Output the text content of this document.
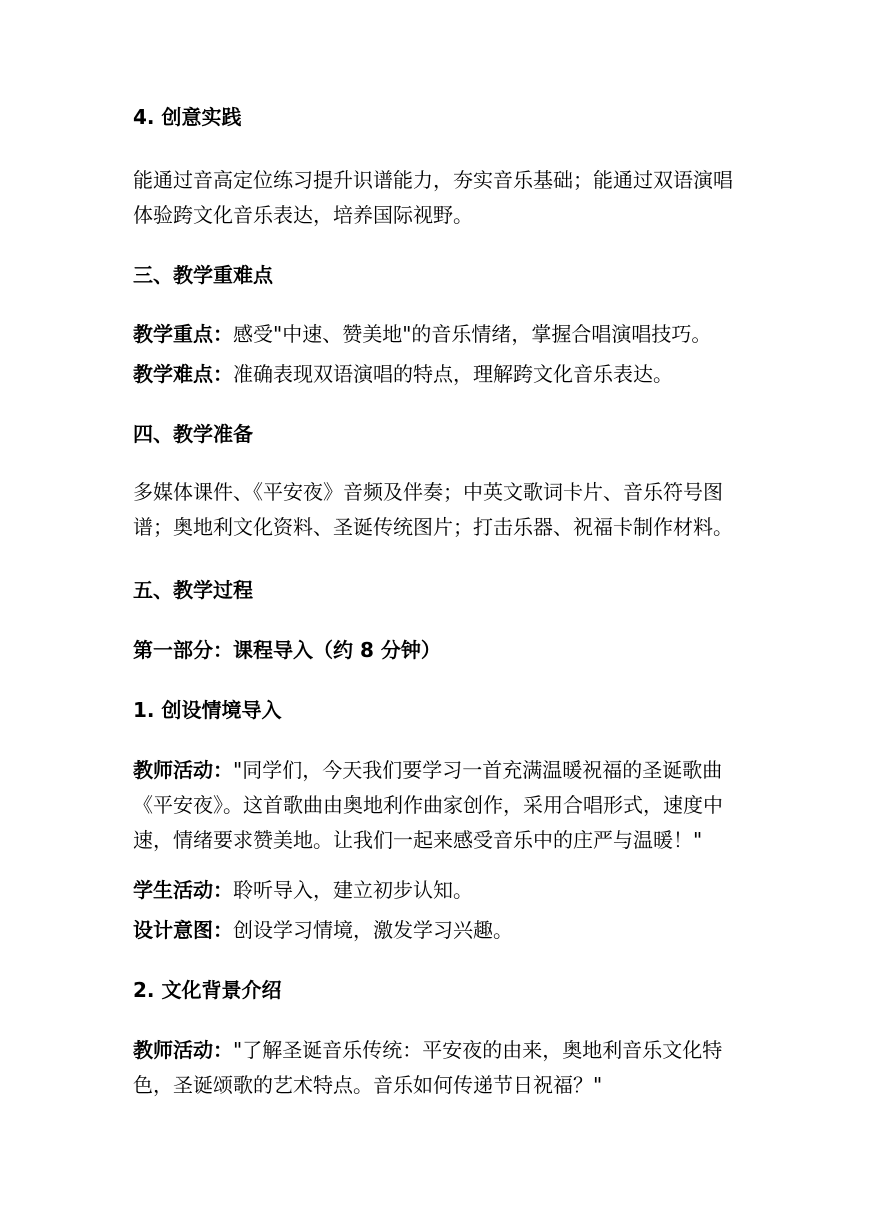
4. 创意实践
能通过音高定位练习提升识谱能力，夯实音乐基础；能通过双语演唱
体验跨文化音乐表达，培养国际视野。
三、教学重难点
教学重点：感受"中速、赞美地"的音乐情绪，掌握合唱演唱技巧。
教学难点：准确表现双语演唱的特点，理解跨文化音乐表达。
四、教学准备
多媒体课件、《平安夜》音频及伴奏；中英文歌词卡片、音乐符号图
谱；奥地利文化资料、圣诞传统图片；打击乐器、祝福卡制作材料。
五、教学过程
第一部分：课程导入（约 8 分钟）
1. 创设情境导入
教师活动："同学们，今天我们要学习一首充满温暖祝福的圣诞歌曲
《平安夜》。这首歌曲由奥地利作曲家创作，采用合唱形式，速度中
速，情绪要求赞美地。让我们一起来感受音乐中的庄严与温暖！"
学生活动：聆听导入，建立初步认知。
设计意图：创设学习情境，激发学习兴趣。
2. 文化背景介绍
教师活动："了解圣诞音乐传统：平安夜的由来，奥地利音乐文化特
色，圣诞颂歌的艺术特点。音乐如何传递节日祝福？"
